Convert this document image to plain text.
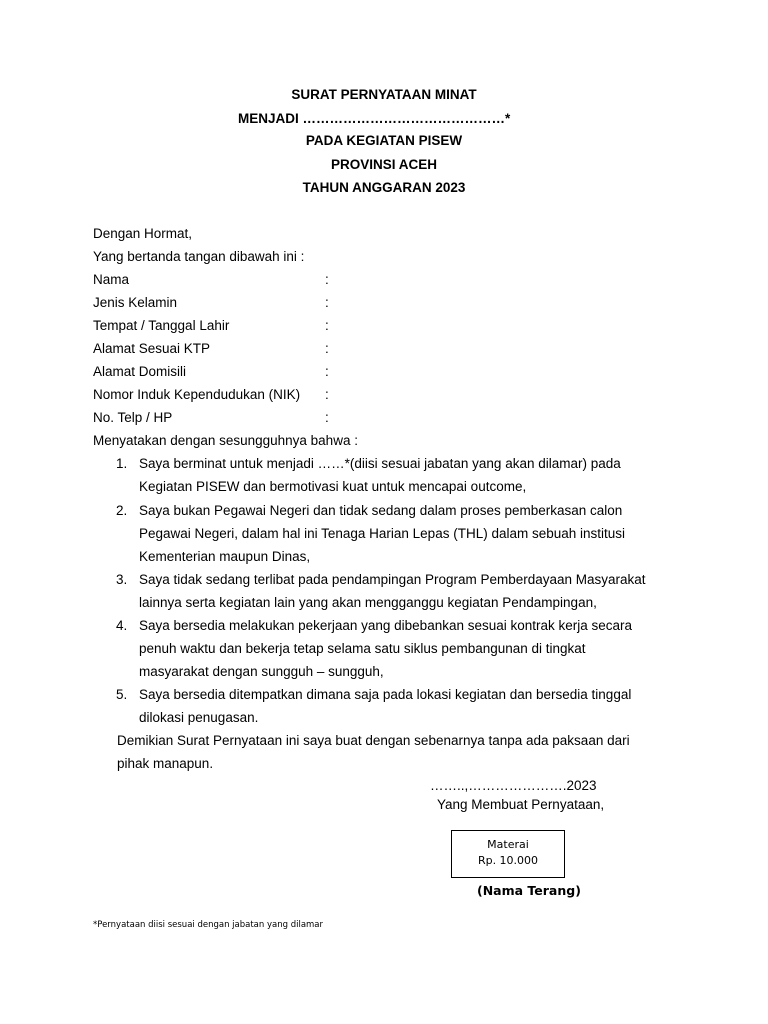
SURAT PERNYATAAN MINAT
MENJADI ………………………………………*
PADA KEGIATAN PISEW
PROVINSI ACEH
TAHUN ANGGARAN 2023
Dengan Hormat,
Yang bertanda tangan dibawah ini :
Nama	:
Jenis Kelamin	:
Tempat / Tanggal Lahir	:
Alamat Sesuai KTP	:
Alamat Domisili	:
Nomor Induk Kependudukan (NIK) :
No. Telp / HP	:
Menyatakan dengan sesungguhnya bahwa :
1. Saya berminat untuk menjadi ……*(diisi sesuai jabatan yang akan dilamar) pada
Kegiatan PISEW dan bermotivasi kuat untuk mencapai outcome,
2. Saya bukan Pegawai Negeri dan tidak sedang dalam proses pemberkasan calon
Pegawai Negeri, dalam hal ini Tenaga Harian Lepas (THL) dalam sebuah institusi
Kementerian maupun Dinas,
3. Saya tidak sedang terlibat pada pendampingan Program Pemberdayaan Masyarakat
lainnya serta kegiatan lain yang akan mengganggu kegiatan Pendampingan,
4. Saya bersedia melakukan pekerjaan yang dibebankan sesuai kontrak kerja secara
penuh waktu dan bekerja tetap selama satu siklus pembangunan di tingkat
masyarakat dengan sungguh – sungguh,
5. Saya bersedia ditempatkan dimana saja pada lokasi kegiatan dan bersedia tinggal
dilokasi penugasan.
Demikian Surat Pernyataan ini saya buat dengan sebenarnya tanpa ada paksaan dari
pihak manapun.
……..,………………….2023
Yang Membuat Pernyataan,
Materai
Rp. 10.000
(Nama Terang)
*Pernyataan diisi sesuai dengan jabatan yang dilamar
